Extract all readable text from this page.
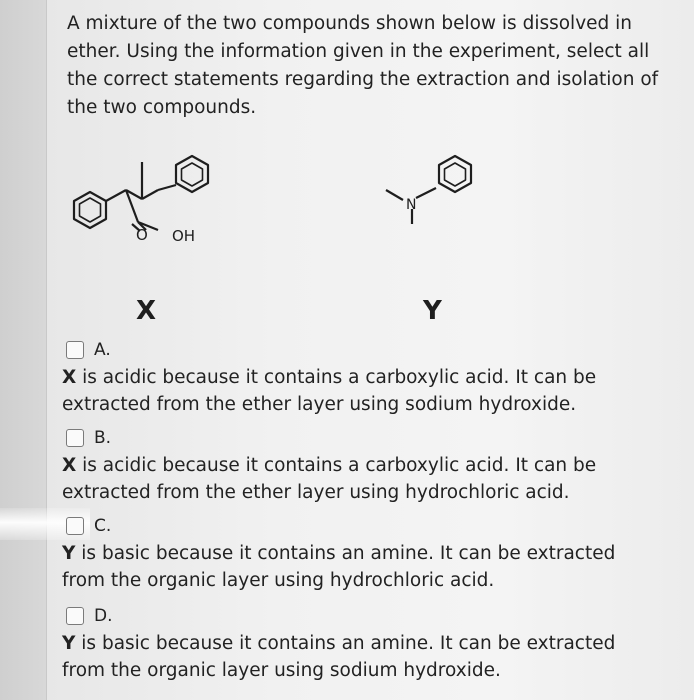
A mixture of the two compounds shown below is dissolved in ether. Using the information given in the experiment, select all the correct statements regarding the extraction and isolation of the two compounds.
O OH
N
X	Y
A.
X is acidic because it contains a carboxylic acid. It can be extracted from the ether layer using sodium hydroxide.
B.
X is acidic because it contains a carboxylic acid. It can be extracted from the ether layer using hydrochloric acid.
C.
Y is basic because it contains an amine. It can be extracted from the organic layer using hydrochloric acid.
D.
Y is basic because it contains an amine. It can be extracted from the organic layer using sodium hydroxide.
